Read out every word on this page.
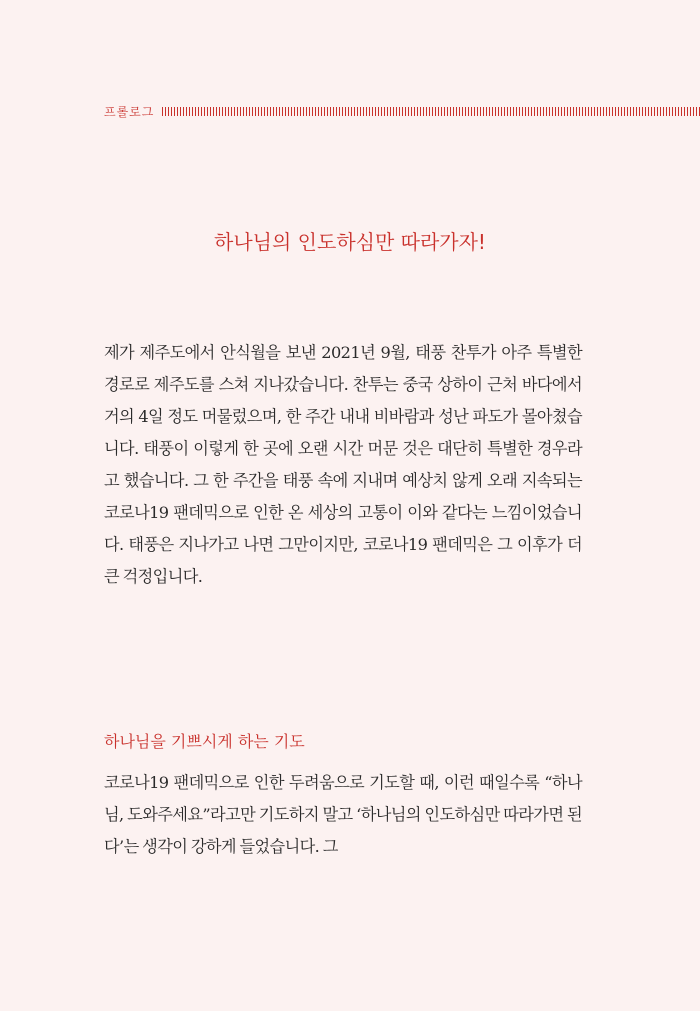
프롤로그
하나님의 인도하심만 따라가자!
제가 제주도에서 안식월을 보낸 2021년 9월, 태풍 찬투가 아주 특별한 경로로 제주도를 스쳐 지나갔습니다. 찬투는 중국 상하이 근처 바다에서 거의 4일 정도 머물렀으며, 한 주간 내내 비바람과 성난 파도가 몰아쳤습니다. 태풍이 이렇게 한 곳에 오랜 시간 머문 것은 대단히 특별한 경우라고 했습니다. 그 한 주간을 태풍 속에 지내며 예상치 않게 오래 지속되는 코로나19 팬데믹으로 인한 온 세상의 고통이 이와 같다는 느낌이었습니다. 태풍은 지나가고 나면 그만이지만, 코로나19 팬데믹은 그 이후가 더 큰 걱정입니다.
하나님을 기쁘시게 하는 기도
코로나19 팬데믹으로 인한 두려움으로 기도할 때, 이런 때일수록 “하나님, 도와주세요”라고만 기도하지 말고 ‘하나님의 인도하심만 따라가면 된다’는 생각이 강하게 들었습니다. 그
